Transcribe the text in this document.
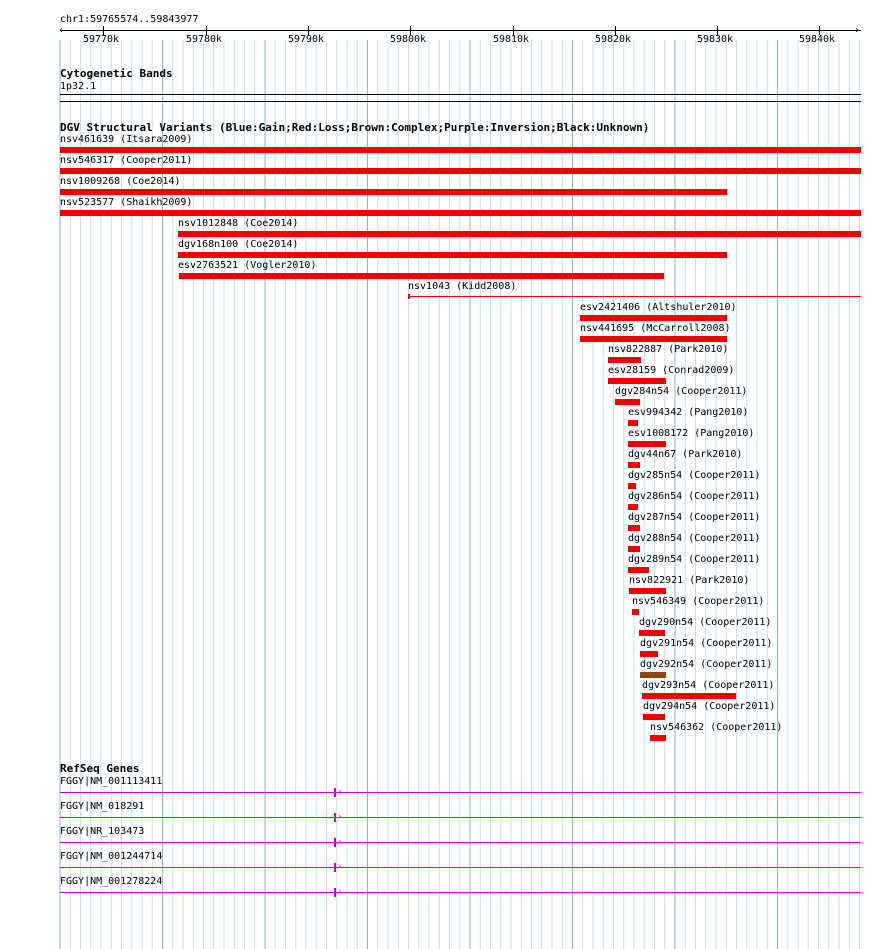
chr1:59765574..59843977
‹	›
59770k	59780k	59790k	59800k	59810k	59820k	59830k	59840k
Cytogenetic Bands
1p32.1
DGV Structural Variants (Blue:Gain;Red:Loss;Brown:Complex;Purple:Inversion;Black:Unknown)
nsv461639 (Itsara2009)
nsv546317 (Cooper2011)
nsv1009268 (Coe2014)
nsv523577 (Shaikh2009)
nsv1012848 (Coe2014)
dgv168n100 (Coe2014)
esv2763521 (Vogler2010)
nsv1043 (Kidd2008)
esv2421406 (Altshuler2010)
nsv441695 (McCarroll2008)
nsv822887 (Park2010)
esv28159 (Conrad2009)
dgv284n54 (Cooper2011)
esv994342 (Pang2010)
esv1008172 (Pang2010)
dgv44n67 (Park2010)
dgv285n54 (Cooper2011)
dgv286n54 (Cooper2011)
dgv287n54 (Cooper2011)
dgv288n54 (Cooper2011)
dgv289n54 (Cooper2011)
nsv822921 (Park2010)
nsv546349 (Cooper2011)
dgv290n54 (Cooper2011)
dgv291n54 (Cooper2011)
dgv292n54 (Cooper2011)
dgv293n54 (Cooper2011)
dgv294n54 (Cooper2011)
nsv546362 (Cooper2011)
RefSeq Genes
FGGY|NM_001113411
›
FGGY|NM_018291
›
FGGY|NR_103473
›
FGGY|NM_001244714
›
FGGY|NM_001278224
›
